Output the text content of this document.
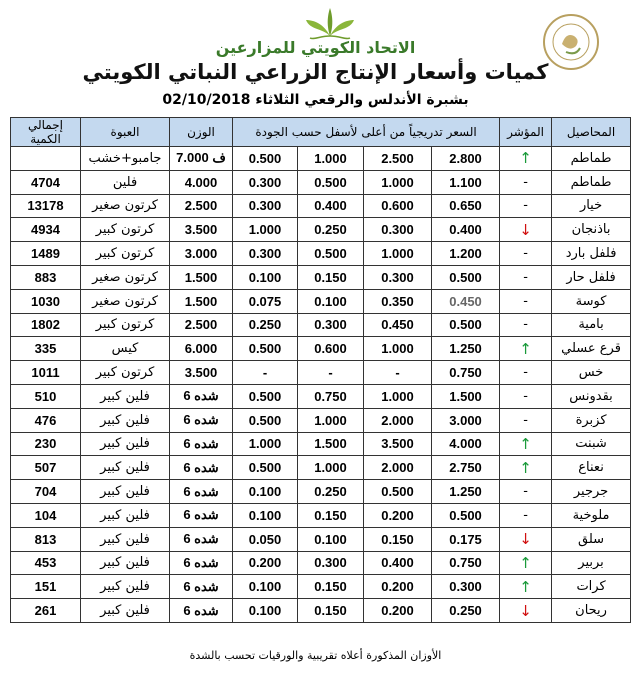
الاتحاد الكويتي للمزارعين
كميات وأسعار الإنتاج الزراعي النباتي الكويتي
بشبرة الأندلس والرقعي الثلاثاء 02/10/2018
إجمالي الكمية	العبوة	الوزن	السعر تدريجياً من أعلى لأسفل حسب الجودة				المؤشر	المحاصيل
	جامبو+خشب	7.000 ف	0.500	1.000	2.500	2.800	↑	طماطم
4704	فلين	4.000	0.300	0.500	1.000	1.100	-	طماطم
13178	كرتون صغير	2.500	0.300	0.400	0.600	0.650	-	خيار
4934	كرتون كبير	3.500	1.000	0.250	0.300	0.400	↓	باذنجان
1489	كرتون كبير	3.000	0.300	0.500	1.000	1.200	-	فلفل بارد
883	كرتون صغير	1.500	0.100	0.150	0.300	0.500	-	فلفل حار
1030	كرتون صغير	1.500	0.075	0.100	0.350	0.450	-	كوسة
1802	كرتون كبير	2.500	0.250	0.300	0.450	0.500	-	بامية
335	كيس	6.000	0.500	0.600	1.000	1.250	↑	قرع عسلي
1011	كرتون كبير	3.500	-	-	-	0.750	-	خس
510	فلين كبير	6 شده	0.500	0.750	1.000	1.500	-	بقدونس
476	فلين كبير	6 شده	0.500	1.000	2.000	3.000	-	كزبرة
230	فلين كبير	6 شده	1.000	1.500	3.500	4.000	↑	شبنت
507	فلين كبير	6 شده	0.500	1.000	2.000	2.750	↑	نعناع
704	فلين كبير	6 شده	0.100	0.250	0.500	1.250	-	جرجير
104	فلين كبير	6 شده	0.100	0.150	0.200	0.500	-	ملوخية
813	فلين كبير	6 شده	0.050	0.100	0.150	0.175	↓	سلق
453	فلين كبير	6 شده	0.200	0.300	0.400	0.750	↑	بربير
151	فلين كبير	6 شده	0.100	0.150	0.200	0.300	↑	كرات
261	فلين كبير	6 شده	0.100	0.150	0.200	0.250	↓	ريحان
الأوزان المذكورة أعلاه تقريبية والورقيات تحسب بالشدة
